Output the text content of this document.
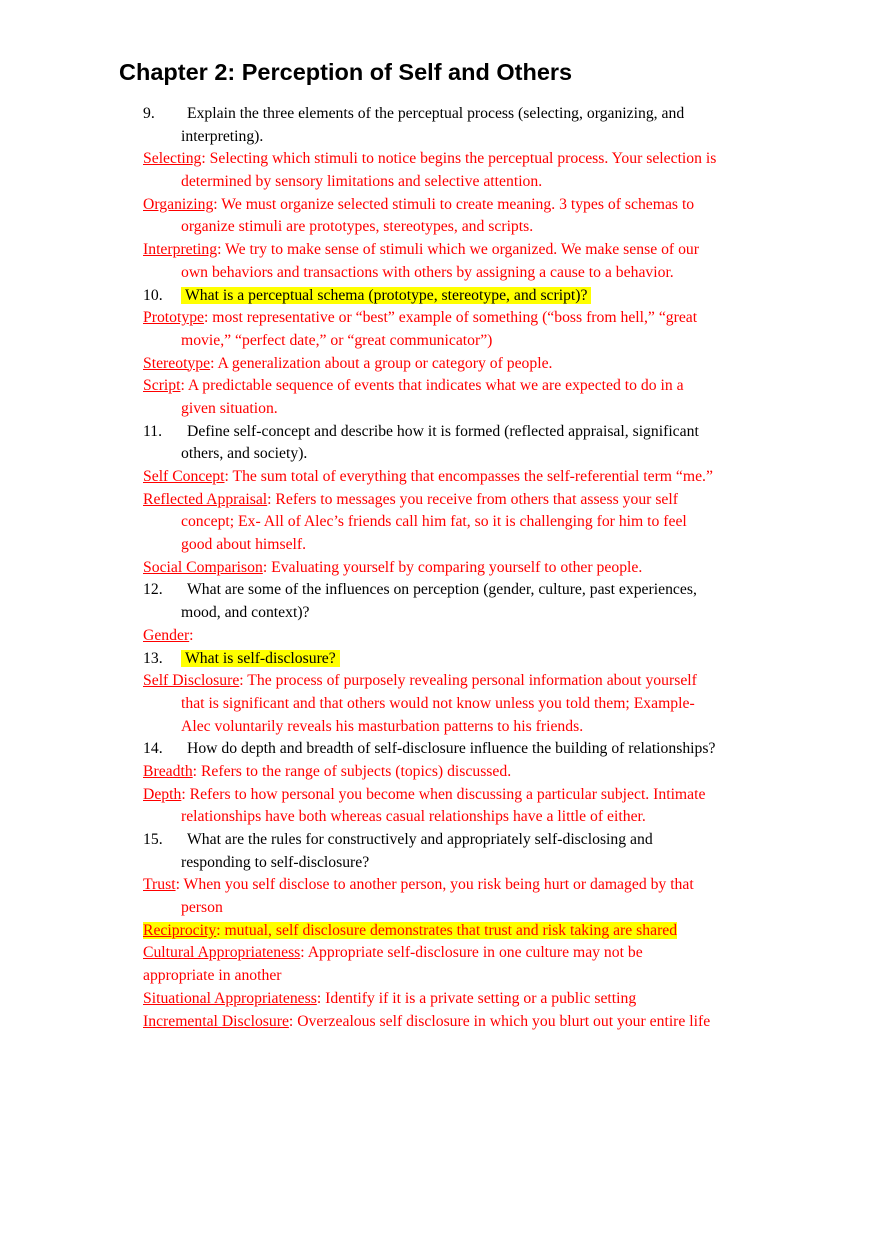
Chapter 2: Perception of Self and Others
9. Explain the three elements of the perceptual process (selecting, organizing, and
interpreting).
Selecting: Selecting which stimuli to notice begins the perceptual process. Your selection is
determined by sensory limitations and selective attention.
Organizing: We must organize selected stimuli to create meaning. 3 types of schemas to
organize stimuli are prototypes, stereotypes, and scripts.
Interpreting: We try to make sense of stimuli which we organized. We make sense of our
own behaviors and transactions with others by assigning a cause to a behavior.
10. What is a perceptual schema (prototype, stereotype, and script)?
Prototype: most representative or “best” example of something (“boss from hell,” “great
movie,” “perfect date,” or “great communicator”)
Stereotype: A generalization about a group or category of people.
Script: A predictable sequence of events that indicates what we are expected to do in a
given situation.
11. Define self-concept and describe how it is formed (reflected appraisal, significant
others, and society).
Self Concept: The sum total of everything that encompasses the self-referential term “me.”
Reflected Appraisal: Refers to messages you receive from others that assess your self
concept; Ex- All of Alec’s friends call him fat, so it is challenging for him to feel
good about himself.
Social Comparison: Evaluating yourself by comparing yourself to other people.
12. What are some of the influences on perception (gender, culture, past experiences,
mood, and context)?
Gender:
13. What is self-disclosure?
Self Disclosure: The process of purposely revealing personal information about yourself
that is significant and that others would not know unless you told them; Example-
Alec voluntarily reveals his masturbation patterns to his friends.
14. How do depth and breadth of self-disclosure influence the building of relationships?
Breadth: Refers to the range of subjects (topics) discussed.
Depth: Refers to how personal you become when discussing a particular subject. Intimate
relationships have both whereas casual relationships have a little of either.
15. What are the rules for constructively and appropriately self-disclosing and
responding to self-disclosure?
Trust: When you self disclose to another person, you risk being hurt or damaged by that
person
Reciprocity: mutual, self disclosure demonstrates that trust and risk taking are shared
Cultural Appropriateness: Appropriate self-disclosure in one culture may not be
appropriate in another
Situational Appropriateness: Identify if it is a private setting or a public setting
Incremental Disclosure: Overzealous self disclosure in which you blurt out your entire life
